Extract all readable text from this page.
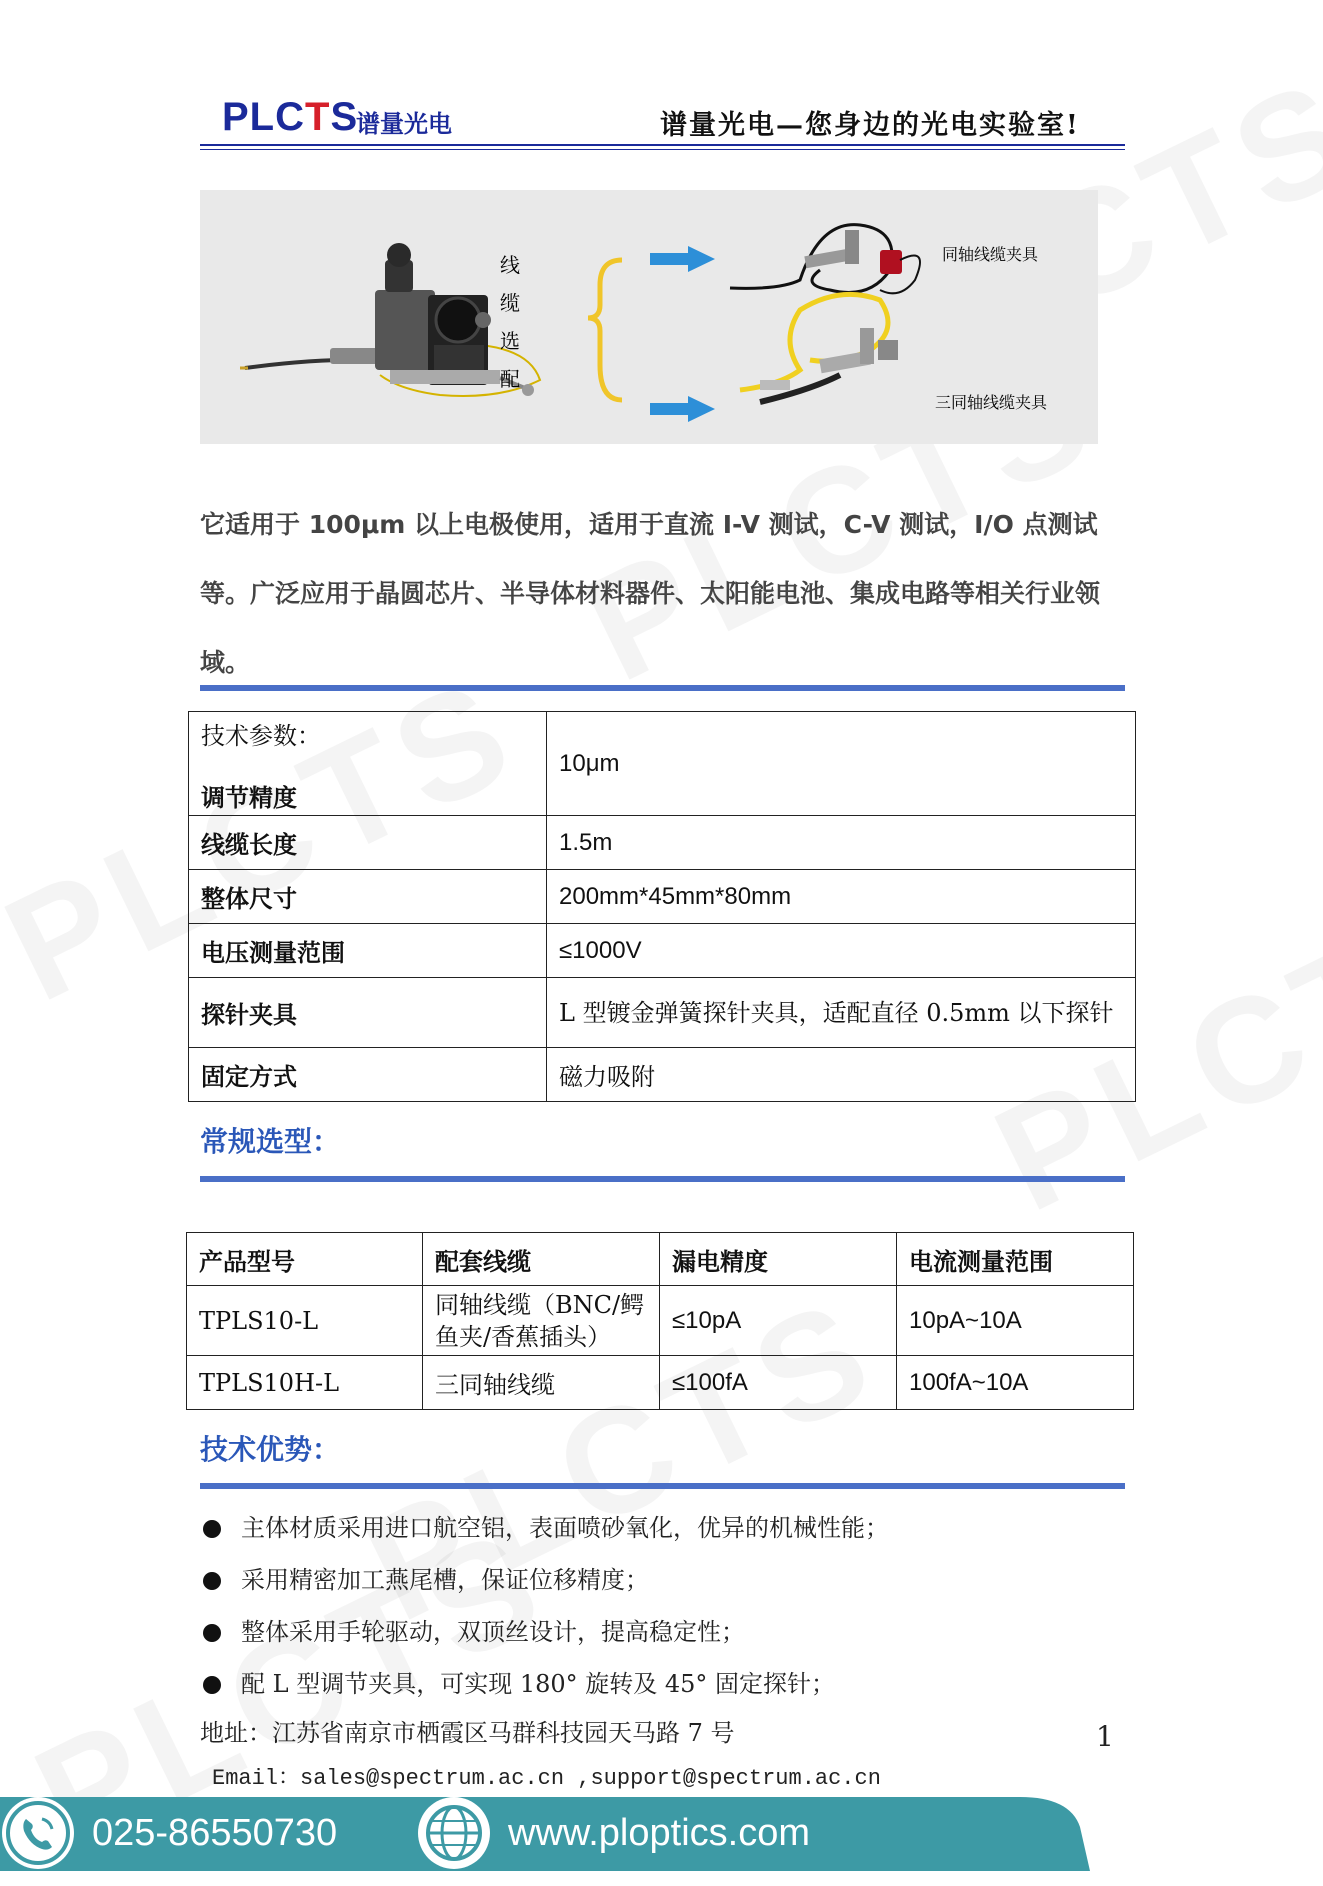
PLCTS
谱量光电	谱量光电—您身边的光电实验室!
线
缆
选
配
同轴线缆夹具
三同轴线缆夹具
它适用于 100μm 以上电极使用，适用于直流 I-V 测试，C-V 测试，I/O 点测试等。广泛应用于晶圆芯片、半导体材料器件、太阳能电池、集成电路等相关行业领域。
技术参数：
调节精度	10μm
线缆长度	1.5m
整体尺寸	200mm*45mm*80mm
电压测量范围	≤1000V
探针夹具	L 型镀金弹簧探针夹具，适配直径 0.5mm 以下探针
固定方式	磁力吸附
常规选型：
产品型号	配套线缆	漏电精度	电流测量范围
TPLS10-L	同轴线缆（BNC/鳄鱼夹/香蕉插头）	≤10pA	10pA~10A
TPLS10H-L	三同轴线缆	≤100fA	100fA~10A
技术优势：
主体材质采用进口航空铝，表面喷砂氧化，优异的机械性能；
采用精密加工燕尾槽，保证位移精度；
整体采用手轮驱动，双顶丝设计，提高稳定性；
配 L 型调节夹具，可实现 180° 旋转及 45° 固定探针；
地址：江苏省南京市栖霞区马群科技园天马路 7 号	1
Email：sales@spectrum.ac.cn ,support@spectrum.ac.cn
025-86550730	www.ploptics.com
